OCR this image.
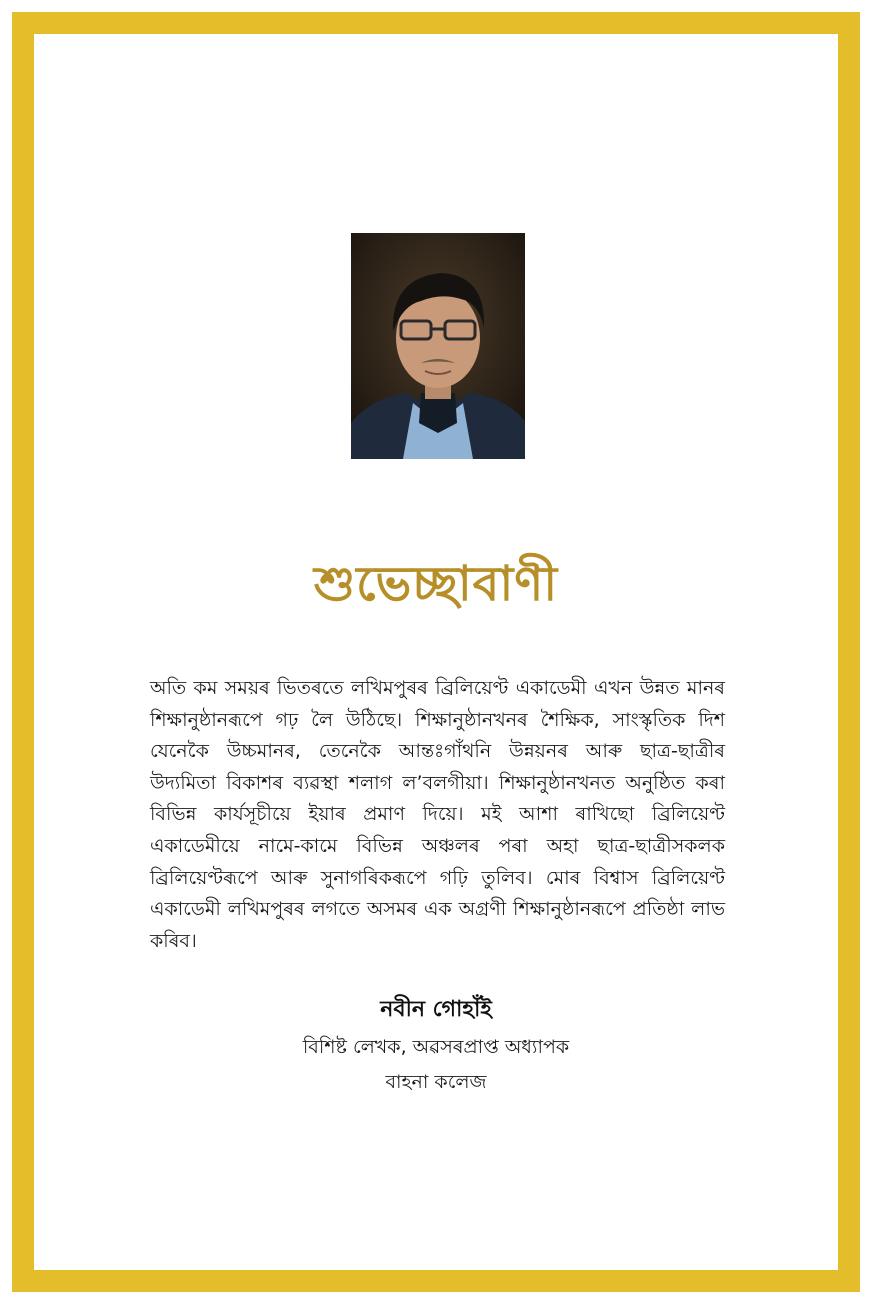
শুভেচ্ছাবাণী

অতি কম সময়ৰ ভিতৰতে লখিমপুৰৰ ব্ৰিলিয়েণ্ট একাডেমী এখন উন্নত মানৰ শিক্ষানুষ্ঠানৰূপে গঢ় লৈ উঠিছে। শিক্ষানুষ্ঠানখনৰ শৈক্ষিক, সাংস্কৃতিক দিশ যেনেকৈ উচ্চমানৰ, তেনেকৈ আন্তঃগাঁথনি উন্নয়নৰ আৰু ছাত্ৰ-ছাত্ৰীৰ উদ্যমিতা বিকাশৰ ব্যৱস্থা শলাগ ল’বলগীয়া। শিক্ষানুষ্ঠানখনত অনুষ্ঠিত কৰা বিভিন্ন কাৰ্যসূচীয়ে ইয়াৰ প্ৰমাণ দিয়ে। মই আশা ৰাখিছো ব্ৰিলিয়েণ্ট একাডেমীয়ে নামে-কামে বিভিন্ন অঞ্চলৰ পৰা অহা ছাত্ৰ-ছাত্ৰীসকলক ব্ৰিলিয়েণ্টৰূপে আৰু সুনাগৰিকৰূপে গঢ়ি তুলিব। মোৰ বিশ্বাস ব্ৰিলিয়েণ্ট একাডেমী লখিমপুৰৰ লগতে অসমৰ এক অগ্ৰণী শিক্ষানুষ্ঠানৰূপে প্ৰতিষ্ঠা লাভ কৰিব।

নবীন গোহাঁই
বিশিষ্ট লেখক, অৱসৰপ্ৰাপ্ত অধ্যাপক
বাহনা কলেজ
